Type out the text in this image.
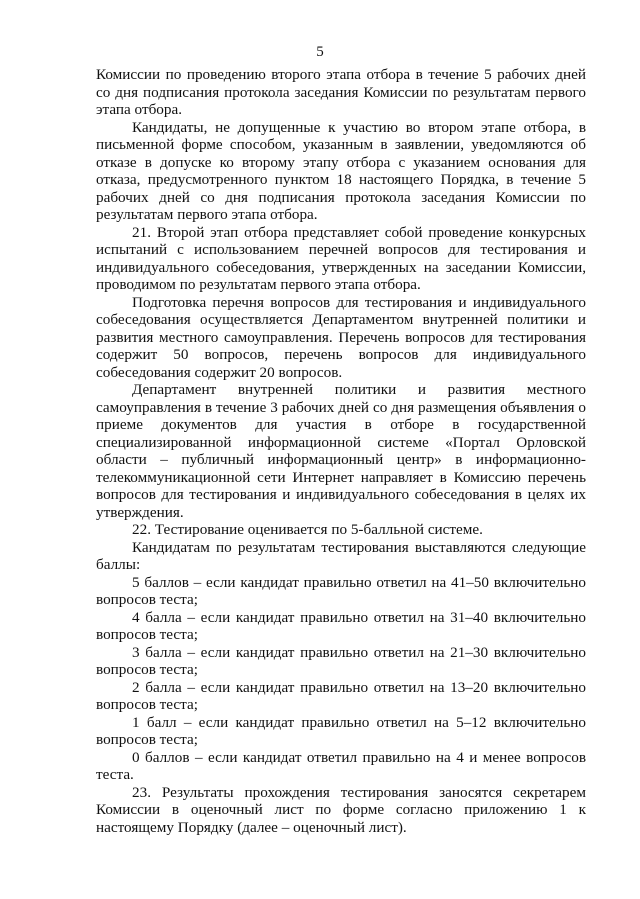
5

Комиссии по проведению второго этапа отбора в течение 5 рабочих дней со дня подписания протокола заседания Комиссии по результатам первого этапа отбора.

Кандидаты, не допущенные к участию во втором этапе отбора, в письменной форме способом, указанным в заявлении, уведомляются об отказе в допуске ко второму этапу отбора с указанием основания для отказа, предусмотренного пунктом 18 настоящего Порядка, в течение 5 рабочих дней со дня подписания протокола заседания Комиссии по результатам первого этапа отбора.

21. Второй этап отбора представляет собой проведение конкурсных испытаний с использованием перечней вопросов для тестирования и индивидуального собеседования, утвержденных на заседании Комиссии, проводимом по результатам первого этапа отбора.

Подготовка перечня вопросов для тестирования и индивидуального собеседования осуществляется Департаментом внутренней политики и развития местного самоуправления. Перечень вопросов для тестирования содержит 50 вопросов, перечень вопросов для индивидуального собеседования содержит 20 вопросов.

Департамент внутренней политики и развития местного самоуправления в течение 3 рабочих дней со дня размещения объявления о приеме документов для участия в отборе в государственной специализированной информационной системе «Портал Орловской области – публичный информационный центр» в информационно-телекоммуникационной сети Интернет направляет в Комиссию перечень вопросов для тестирования и индивидуального собеседования в целях их утверждения.

22. Тестирование оценивается по 5-балльной системе.

Кандидатам по результатам тестирования выставляются следующие баллы:

5 баллов – если кандидат правильно ответил на 41–50 включительно вопросов теста;

4 балла – если кандидат правильно ответил на 31–40 включительно вопросов теста;

3 балла – если кандидат правильно ответил на 21–30 включительно вопросов теста;

2 балла – если кандидат правильно ответил на 13–20 включительно вопросов теста;

1 балл – если кандидат правильно ответил на 5–12 включительно вопросов теста;

0 баллов – если кандидат ответил правильно на 4 и менее вопросов теста.

23. Результаты прохождения тестирования заносятся секретарем Комиссии в оценочный лист по форме согласно приложению 1 к настоящему Порядку (далее – оценочный лист).
